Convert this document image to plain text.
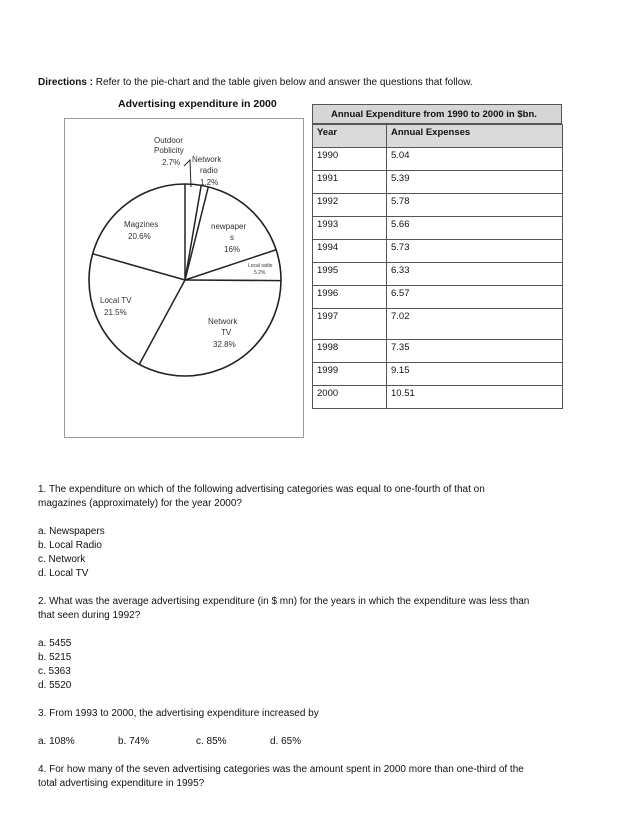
Directions : Refer to the pie-chart and the table given below and answer the questions that follow.
Advertising expenditure in 2000
Outdoor
Poblicity
2.7% Network
radio
1.2%
newpaper
s
16%
Local radio
5.2%
Network
TV
32.8%
Local TV
21.5%
Magzines
20.6%
Annual Expenditure from 1990 to 2000 in $bn.
Year	Annual Expenses
1990	5.04
1991	5.39
1992	5.78
1993	5.66
1994	5.73
1995	6.33
1996	6.57
1997	7.02
1998	7.35
1999	9.15
2000	10.51
1. The expenditure on which of the following advertising categories was equal to one-fourth of that on
magazines (approximately) for the year 2000?
a. Newspapers
b. Local Radio
c. Network
d. Local TV
2. What was the average advertising expenditure (in $ mn) for the years in which the expenditure was less than
that seen during 1992?
a. 5455
b. 5215
c. 5363
d. 5520
3. From 1993 to 2000, the advertising expenditure increased by
a. 108%	b. 74%	c. 85%	d. 65%
4. For how many of the seven advertising categories was the amount spent in 2000 more than one-third of the
total advertising expenditure in 1995?
